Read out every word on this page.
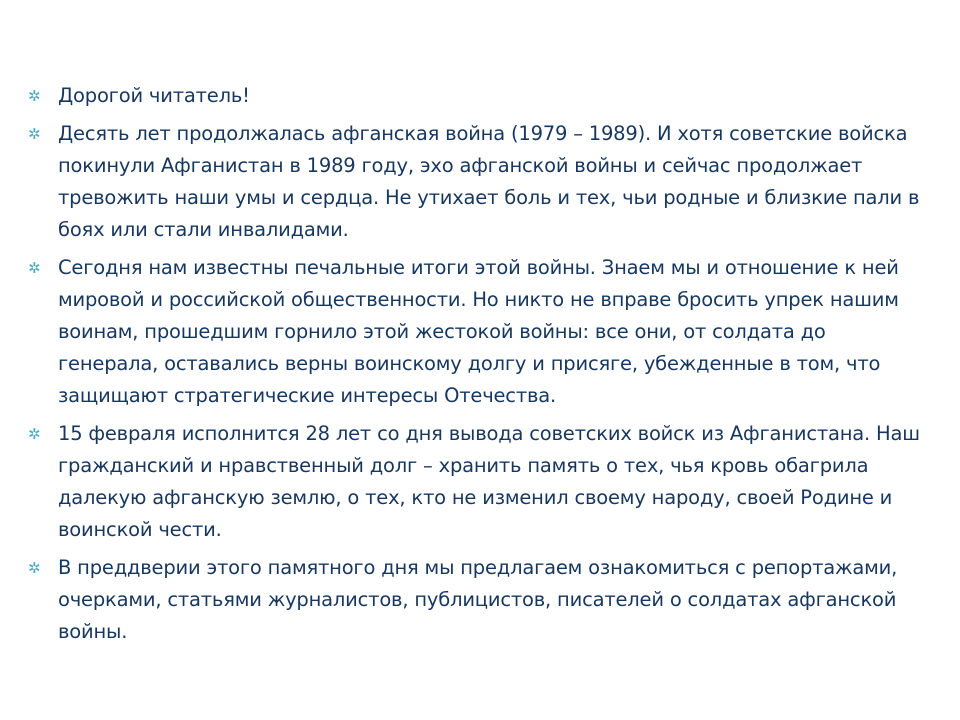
✲ Дорогой читатель!
✲ Десять лет продолжалась афганская война (1979 – 1989). И хотя советские войска покинули Афганистан в 1989 году, эхо афганской войны и сейчас продолжает тревожить наши умы и сердца. Не утихает боль и тех, чьи родные и близкие пали в боях или стали инвалидами.
✲ Сегодня нам известны печальные итоги этой войны. Знаем мы и отношение к ней мировой и российской общественности. Но никто не вправе бросить упрек нашим воинам, прошедшим горнило этой жестокой войны: все они, от солдата до генерала, оставались верны воинскому долгу и присяге, убежденные в том, что защищают стратегические интересы Отечества.
✲ 15 февраля исполнится 28 лет со дня вывода советских войск из Афганистана. Наш гражданский и нравственный долг – хранить память о тех, чья кровь обагрила далекую афганскую землю, о тех, кто не изменил своему народу, своей Родине и воинской чести.
✲ В преддверии этого памятного дня мы предлагаем ознакомиться с репортажами, очерками, статьями журналистов, публицистов, писателей о солдатах афганской войны.
